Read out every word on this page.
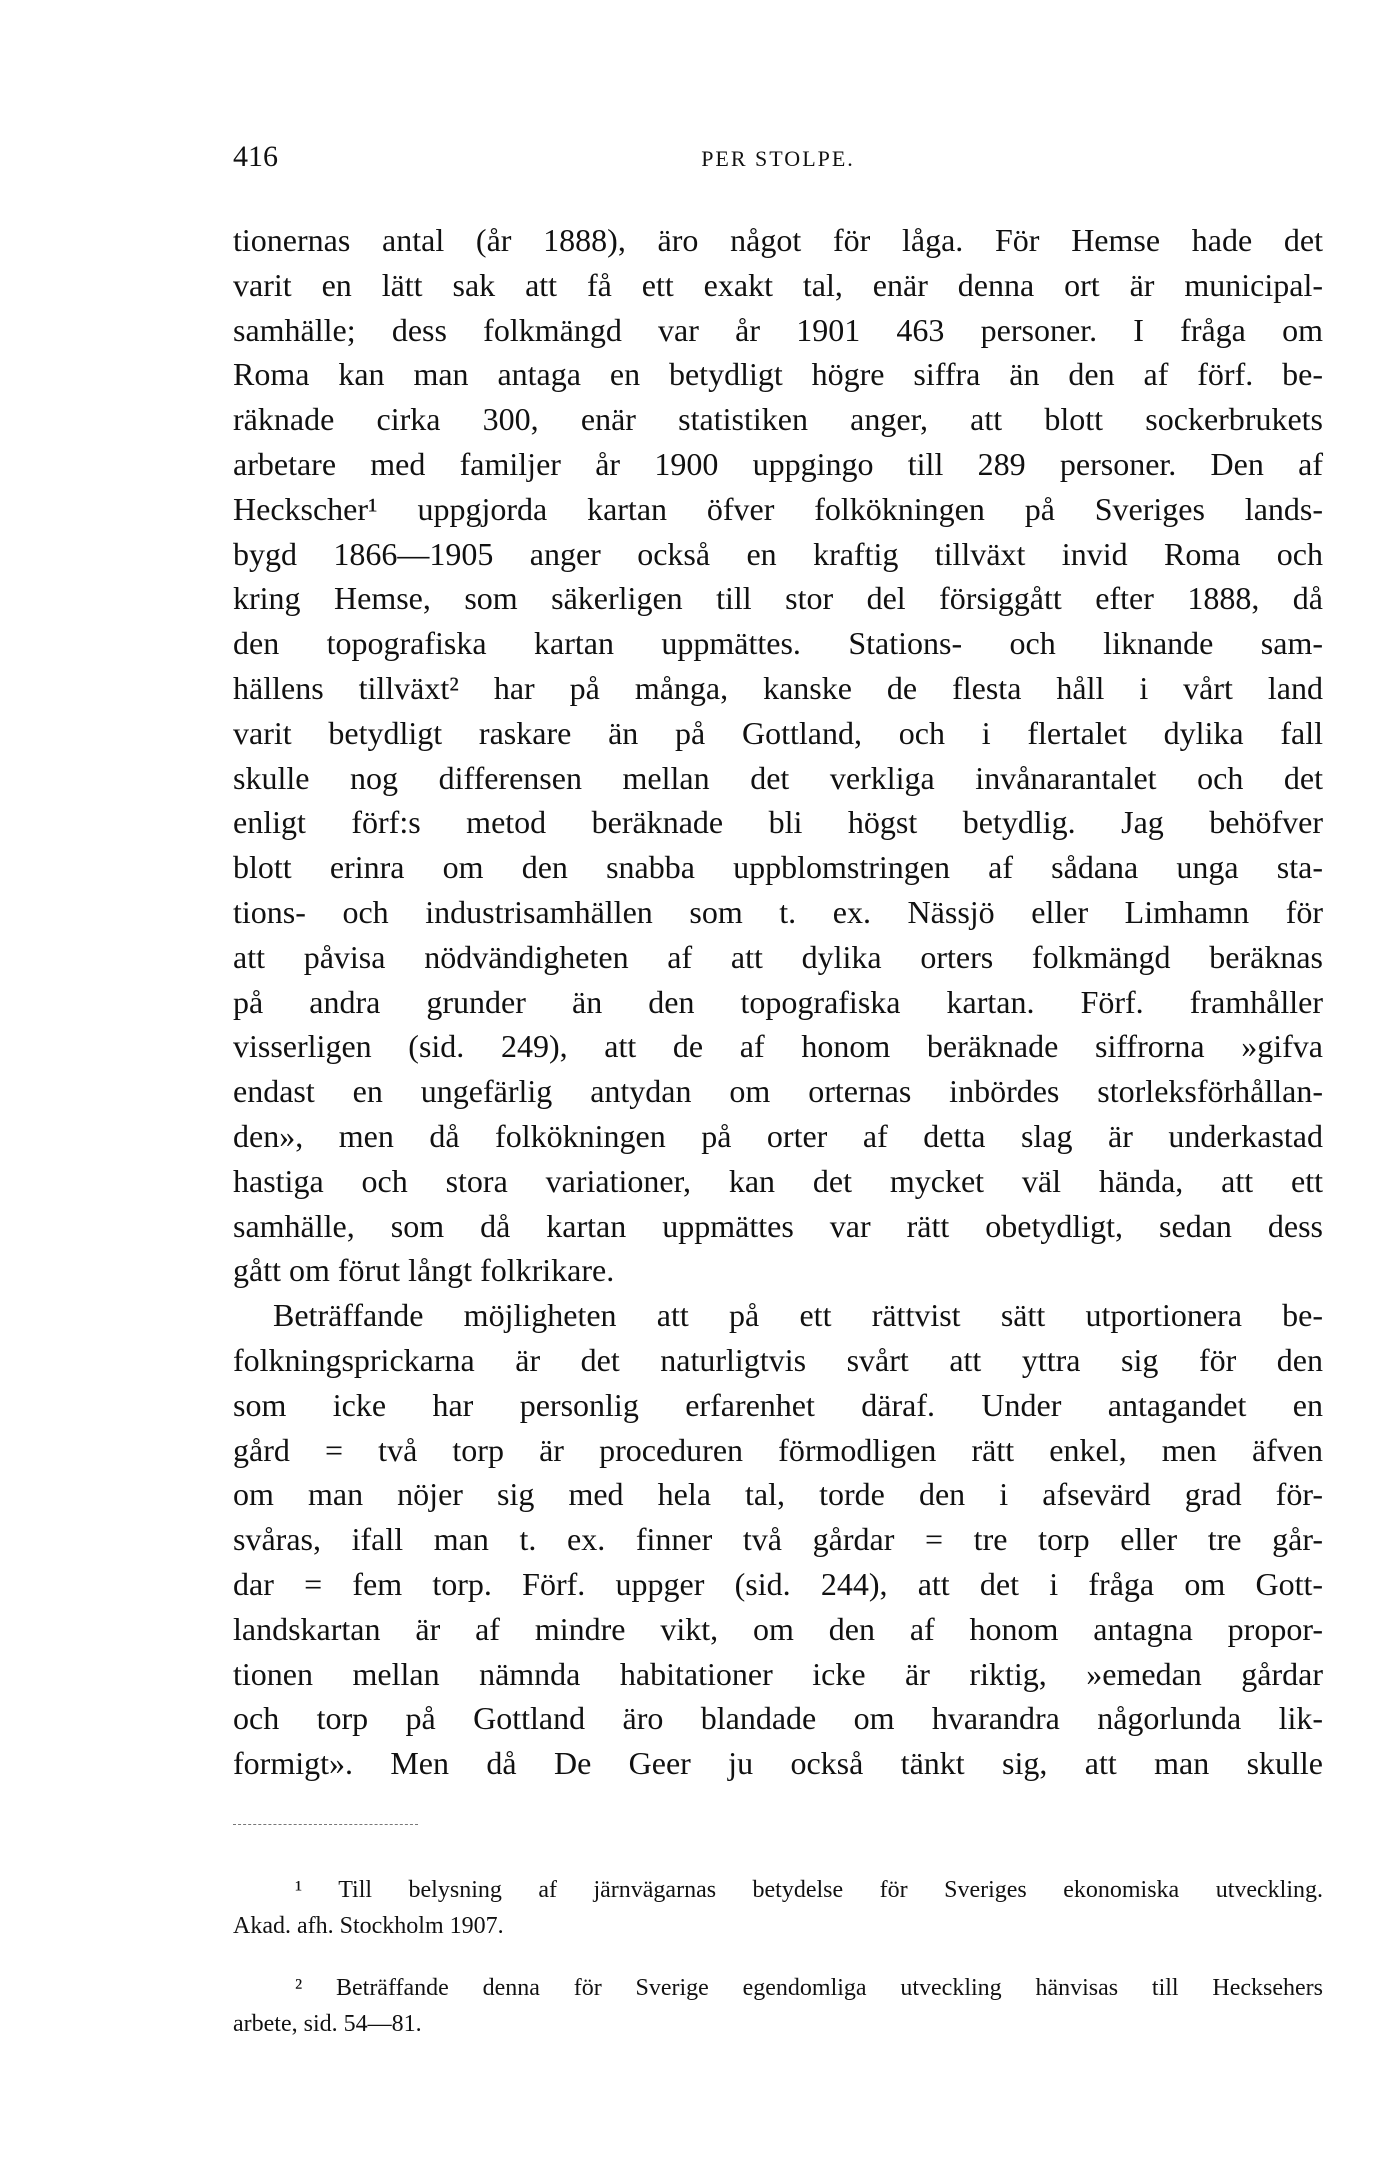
416	PER STOLPE.
tionernas antal (år 1888), äro något för låga. För Hemse hade det
varit en lätt sak att få ett exakt tal, enär denna ort är municipal-
samhälle; dess folkmängd var år 1901 463 personer. I fråga om
Roma kan man antaga en betydligt högre siffra än den af förf. be-
räknade cirka 300, enär statistiken anger, att blott sockerbrukets
arbetare med familjer år 1900 uppgingo till 289 personer. Den af
Heckscher¹ uppgjorda kartan öfver folkökningen på Sveriges lands-
bygd 1866—1905 anger också en kraftig tillväxt invid Roma och
kring Hemse, som säkerligen till stor del försiggått efter 1888, då
den topografiska kartan uppmättes. Stations- och liknande sam-
hällens tillväxt² har på många, kanske de flesta håll i vårt land
varit betydligt raskare än på Gottland, och i flertalet dylika fall
skulle nog differensen mellan det verkliga invånarantalet och det
enligt förf:s metod beräknade bli högst betydlig. Jag behöfver
blott erinra om den snabba uppblomstringen af sådana unga sta-
tions- och industrisamhällen som t. ex. Nässjö eller Limhamn för
att påvisa nödvändigheten af att dylika orters folkmängd beräknas
på andra grunder än den topografiska kartan. Förf. framhåller
visserligen (sid. 249), att de af honom beräknade siffrorna »gifva
endast en ungefärlig antydan om orternas inbördes storleksförhållan-
den», men då folkökningen på orter af detta slag är underkastad
hastiga och stora variationer, kan det mycket väl hända, att ett
samhälle, som då kartan uppmättes var rätt obetydligt, sedan dess
gått om förut långt folkrikare.
Beträffande möjligheten att på ett rättvist sätt utportionera be-
folkningsprickarna är det naturligtvis svårt att yttra sig för den
som icke har personlig erfarenhet däraf. Under antagandet en
gård = två torp är proceduren förmodligen rätt enkel, men äfven
om man nöjer sig med hela tal, torde den i afsevärd grad för-
svåras, ifall man t. ex. finner två gårdar = tre torp eller tre går-
dar = fem torp. Förf. uppger (sid. 244), att det i fråga om Gott-
landskartan är af mindre vikt, om den af honom antagna propor-
tionen mellan nämnda habitationer icke är riktig, »emedan gårdar
och torp på Gottland äro blandade om hvarandra någorlunda lik-
formigt». Men då De Geer ju också tänkt sig, att man skulle
¹ Till belysning af järnvägarnas betydelse för Sveriges ekonomiska utveckling.
Akad. afh. Stockholm 1907.
² Beträffande denna för Sverige egendomliga utveckling hänvisas till Hecksehers
arbete, sid. 54—81.
